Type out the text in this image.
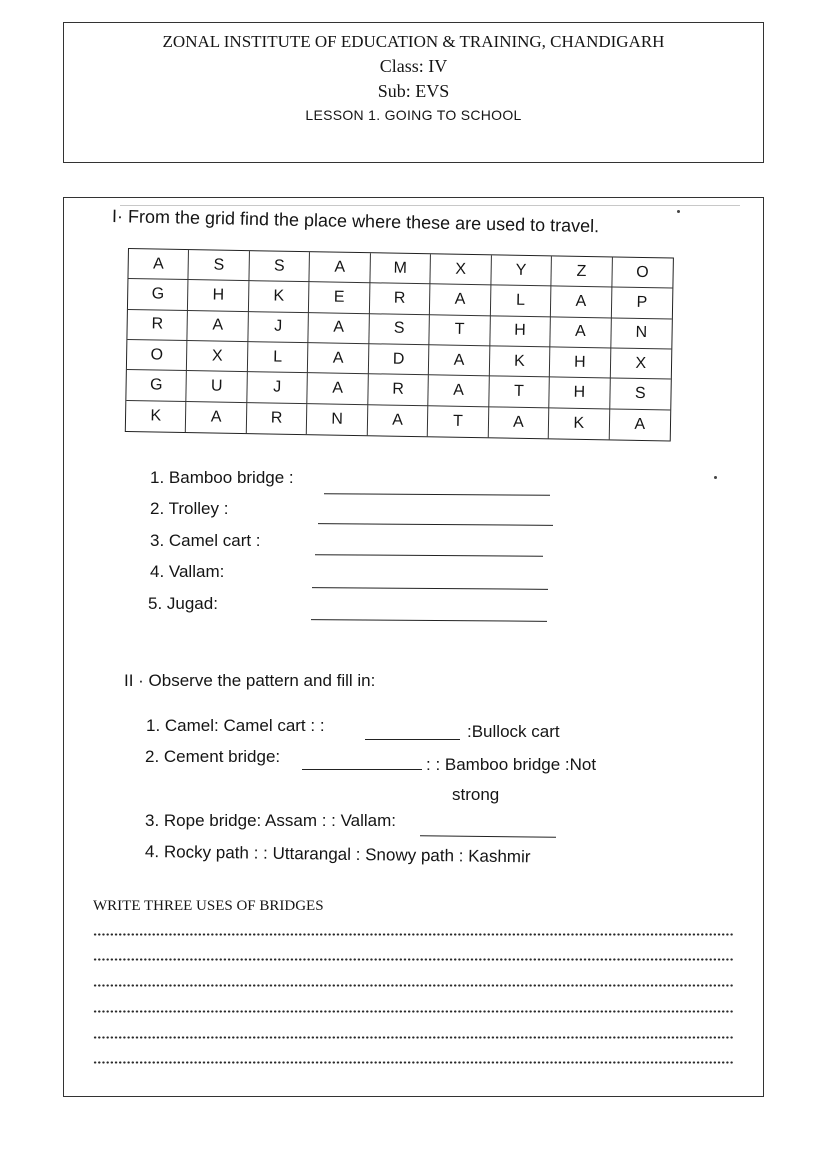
ZONAL INSTITUTE OF EDUCATION & TRAINING, CHANDIGARH
Class: IV
Sub: EVS
LESSON 1. GOING TO SCHOOL
I· From the grid find the place where these are used to travel.
A	S	S	A	M	X	Y	Z	O
G	H	K	E	R	A	L	A	P
R	A	J	A	S	T	H	A	N
O	X	L	A	D	A	K	H	X
G	U	J	A	R	A	T	H	S
K	A	R	N	A	T	A	K	A
1. Bamboo bridge :
2. Trolley :
3. Camel cart :
4. Vallam:
5. Jugad:
II · Observe the pattern and fill in:
1. Camel: Camel cart : :	:Bullock cart
2. Cement bridge:	: : Bamboo bridge :Not
strong
3. Rope bridge: Assam : : Vallam:
4. Rocky path : : Uttarangal : Snowy path : Kashmir
WRITE THREE USES OF BRIDGES
